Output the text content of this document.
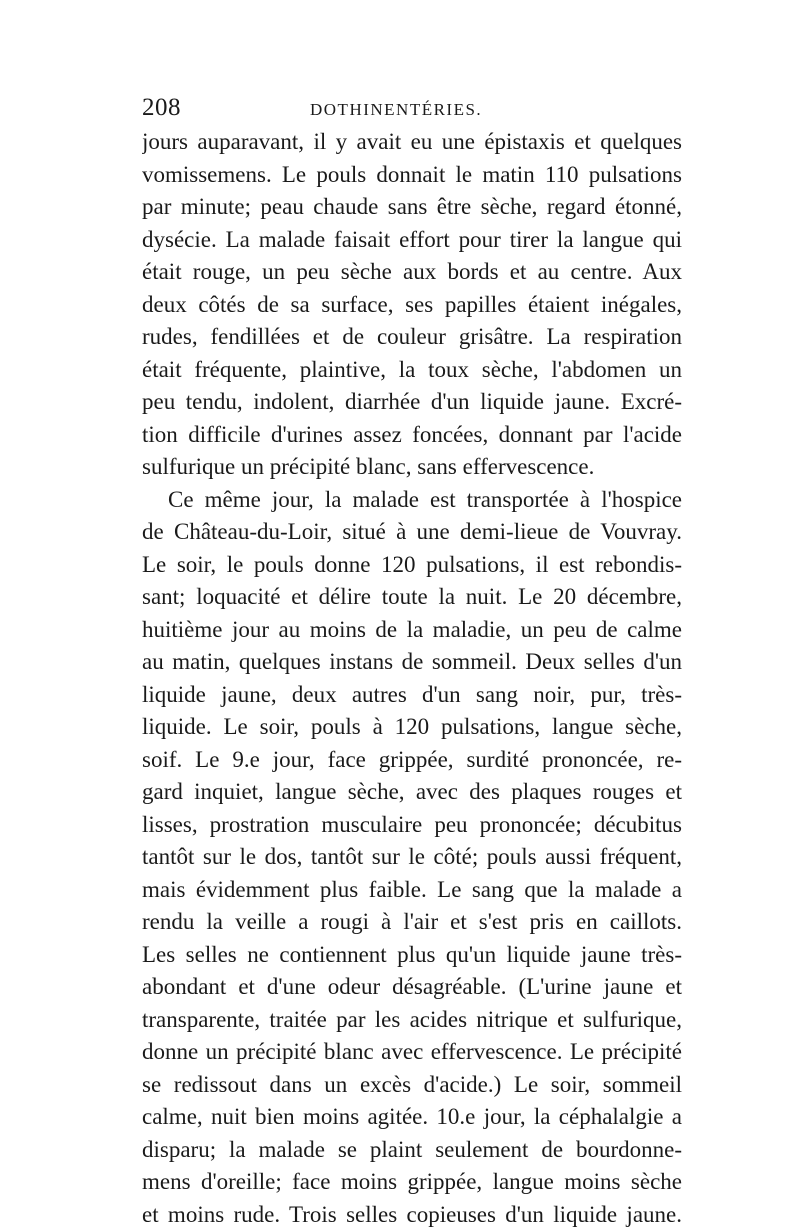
208	DOTHINENTÉRIES.
jours auparavant, il y avait eu une épistaxis et quelques
vomissemens. Le pouls donnait le matin 110 pulsations
par minute; peau chaude sans être sèche, regard étonné,
dysécie. La malade faisait effort pour tirer la langue qui
était rouge, un peu sèche aux bords et au centre. Aux
deux côtés de sa surface, ses papilles étaient inégales,
rudes, fendillées et de couleur grisâtre. La respiration
était fréquente, plaintive, la toux sèche, l'abdomen un
peu tendu, indolent, diarrhée d'un liquide jaune. Excré-
tion difficile d'urines assez foncées, donnant par l'acide
sulfurique un précipité blanc, sans effervescence.
Ce même jour, la malade est transportée à l'hospice
de Château-du-Loir, situé à une demi-lieue de Vouvray.
Le soir, le pouls donne 120 pulsations, il est rebondis-
sant; loquacité et délire toute la nuit. Le 20 décembre,
huitième jour au moins de la maladie, un peu de calme
au matin, quelques instans de sommeil. Deux selles d'un
liquide jaune, deux autres d'un sang noir, pur, très-
liquide. Le soir, pouls à 120 pulsations, langue sèche,
soif. Le 9.e jour, face grippée, surdité prononcée, re-
gard inquiet, langue sèche, avec des plaques rouges et
lisses, prostration musculaire peu prononcée; décubitus
tantôt sur le dos, tantôt sur le côté; pouls aussi fréquent,
mais évidemment plus faible. Le sang que la malade a
rendu la veille a rougi à l'air et s'est pris en caillots.
Les selles ne contiennent plus qu'un liquide jaune très-
abondant et d'une odeur désagréable. (L'urine jaune et
transparente, traitée par les acides nitrique et sulfurique,
donne un précipité blanc avec effervescence. Le précipité
se redissout dans un excès d'acide.) Le soir, sommeil
calme, nuit bien moins agitée. 10.e jour, la céphalalgie a
disparu; la malade se plaint seulement de bourdonne-
mens d'oreille; face moins grippée, langue moins sèche
et moins rude. Trois selles copieuses d'un liquide jaune.
